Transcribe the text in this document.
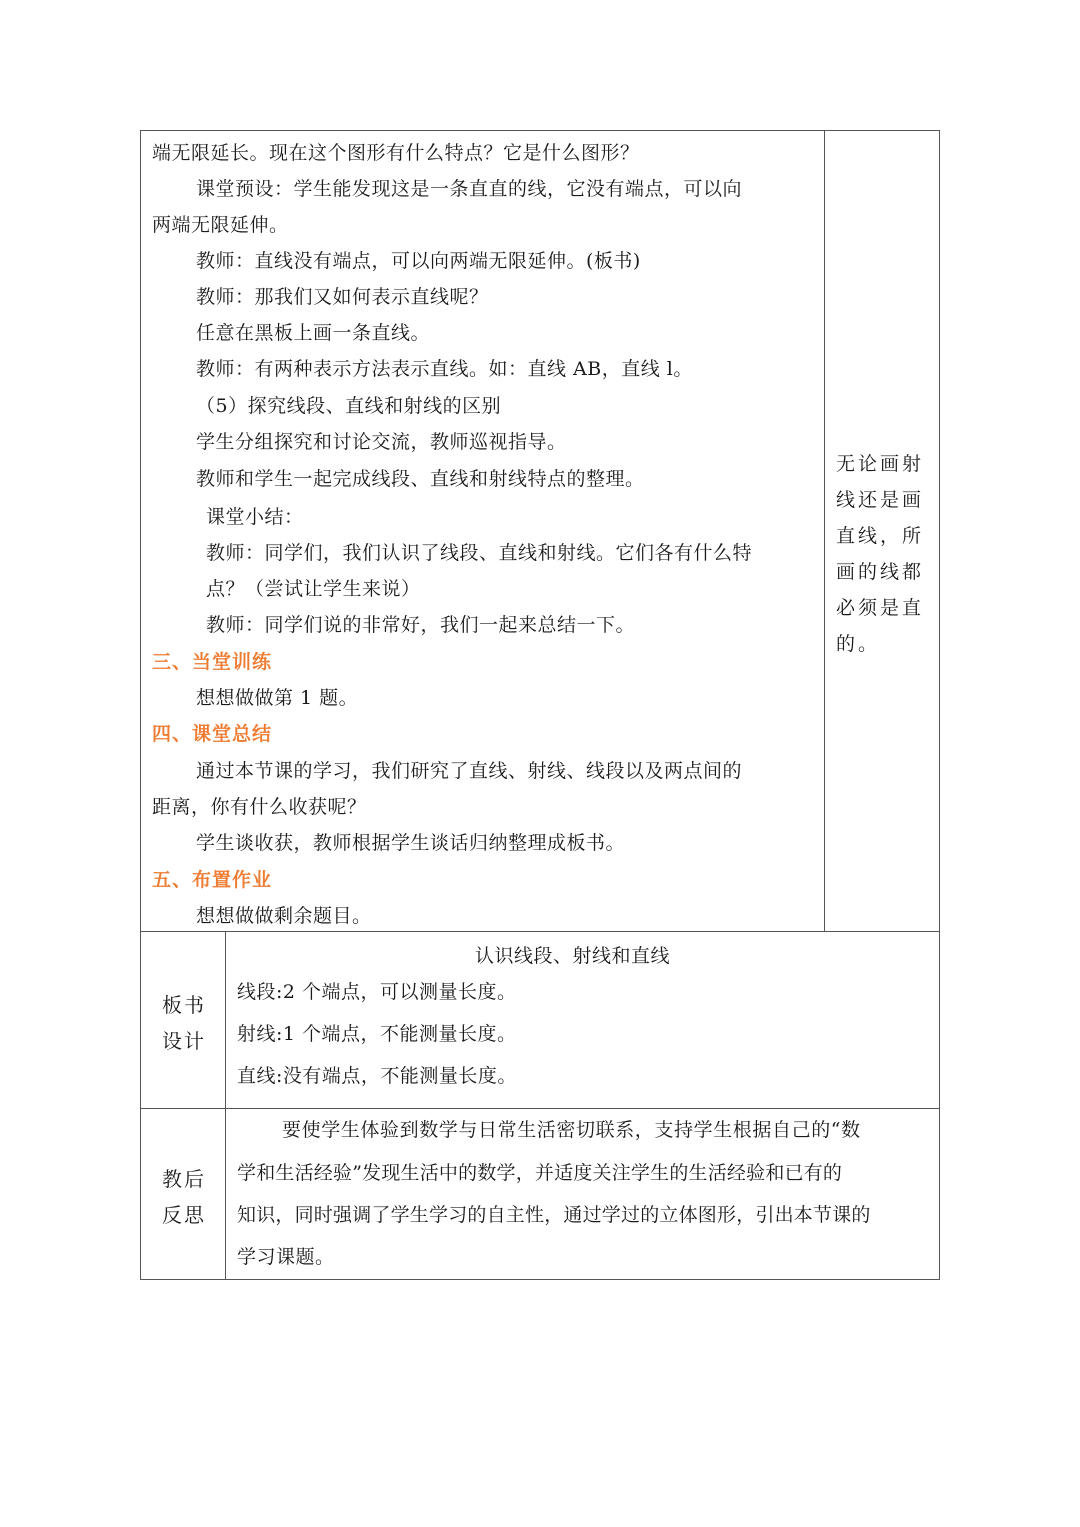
端无限延长。现在这个图形有什么特点？它是什么图形？
课堂预设：学生能发现这是一条直直的线，它没有端点，可以向
两端无限延伸。
教师：直线没有端点，可以向两端无限延伸。(板书)
教师：那我们又如何表示直线呢？
任意在黑板上画一条直线。
教师：有两种表示方法表示直线。如：直线 AB，直线 l。
（5）探究线段、直线和射线的区别
学生分组探究和讨论交流，教师巡视指导。
教师和学生一起完成线段、直线和射线特点的整理。
课堂小结：
教师：同学们，我们认识了线段、直线和射线。它们各有什么特
点？（尝试让学生来说）
教师：同学们说的非常好，我们一起来总结一下。
三、当堂训练
想想做做第 1 题。
四、课堂总结
通过本节课的学习，我们研究了直线、射线、线段以及两点间的
距离，你有什么收获呢？
学生谈收获，教师根据学生谈话归纳整理成板书。
五、布置作业
想想做做剩余题目。
无论画射
线还是画
直线，所
画的线都
必须是直
的。
板书
设计
认识线段、射线和直线
线段:2 个端点，可以测量长度。
射线:1 个端点，不能测量长度。
直线:没有端点，不能测量长度。
教后
反思
要使学生体验到数学与日常生活密切联系，支持学生根据自己的“数
学和生活经验”发现生活中的数学，并适度关注学生的生活经验和已有的
知识，同时强调了学生学习的自主性，通过学过的立体图形，引出本节课的
学习课题。
